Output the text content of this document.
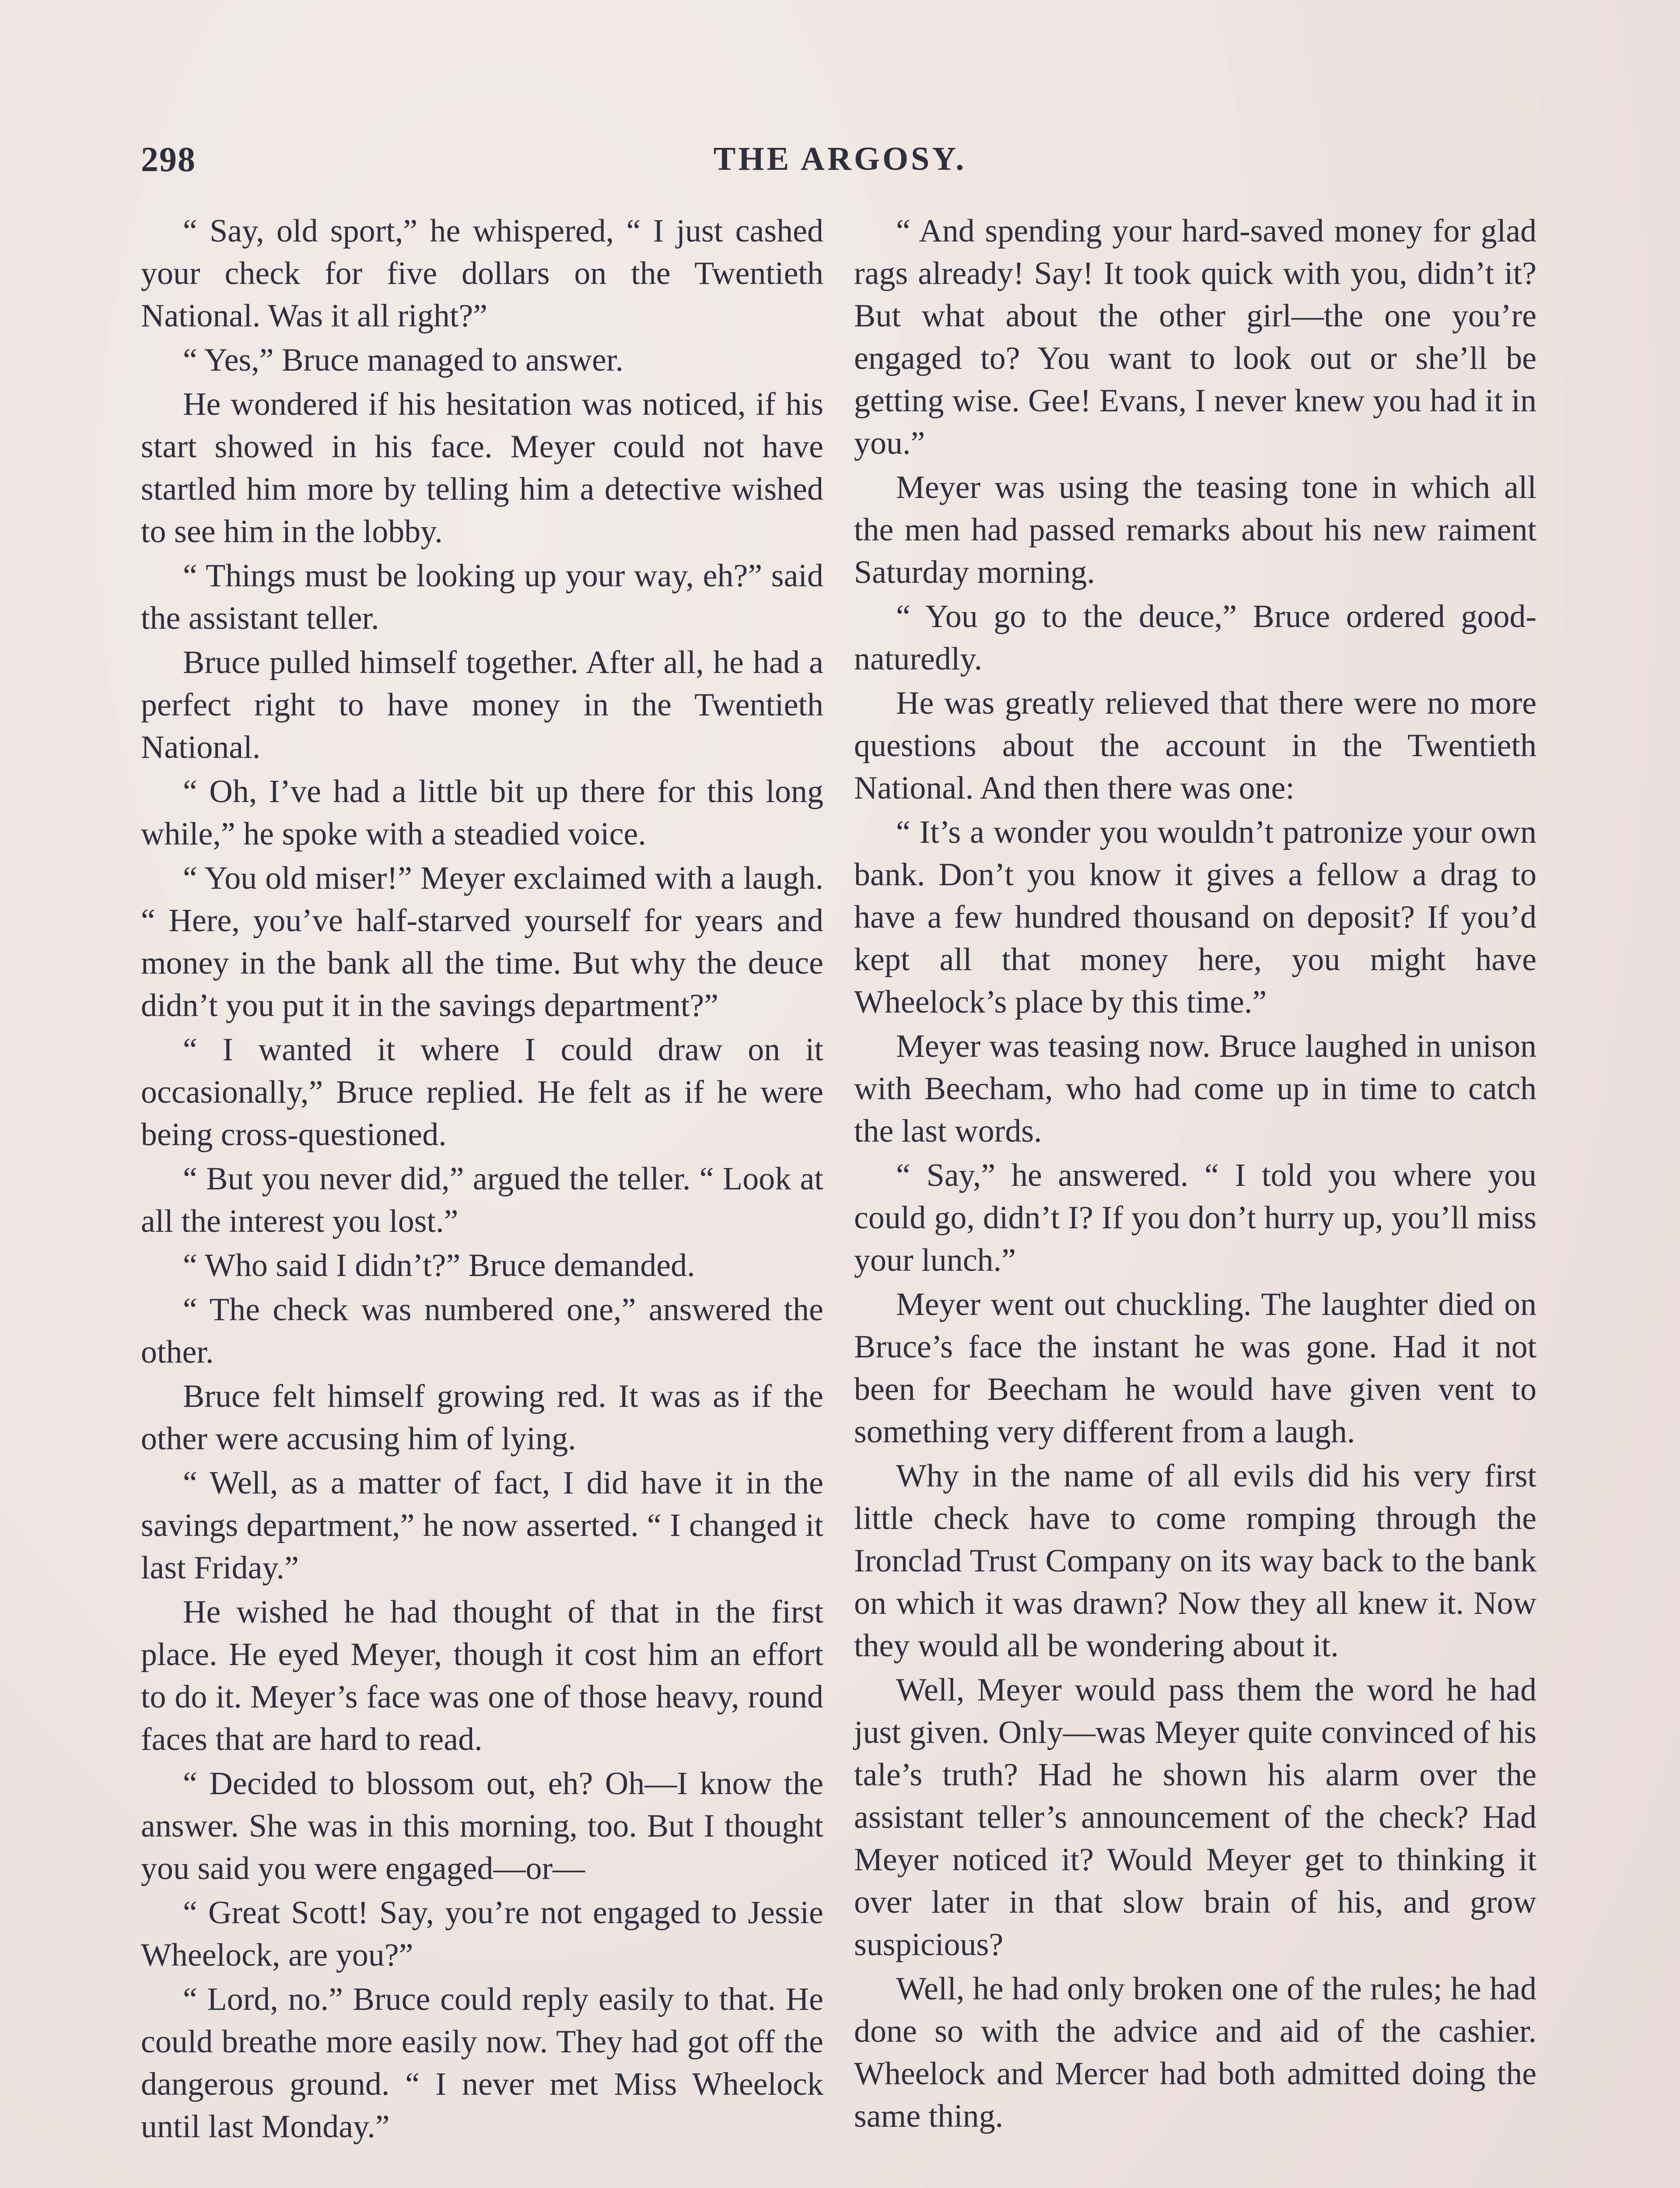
298	THE ARGOSY.

“ Say, old sport,” he whispered, “ I just cashed your check for five dollars on the Twentieth National. Was it all right?”

“ Yes,” Bruce managed to answer.

He wondered if his hesitation was noticed, if his start showed in his face. Meyer could not have startled him more by telling him a detective wished to see him in the lobby.

“ Things must be looking up your way, eh?” said the assistant teller.

Bruce pulled himself together. After all, he had a perfect right to have money in the Twentieth National.

“ Oh, I’ve had a little bit up there for this long while,” he spoke with a steadied voice.

“ You old miser!” Meyer exclaimed with a laugh. “ Here, you’ve half-starved yourself for years and money in the bank all the time. But why the deuce didn’t you put it in the savings department?”

“ I wanted it where I could draw on it occasionally,” Bruce replied. He felt as if he were being cross-questioned.

“ But you never did,” argued the teller. “ Look at all the interest you lost.”

“ Who said I didn’t?” Bruce demanded.

“ The check was numbered one,” answered the other.

Bruce felt himself growing red. It was as if the other were accusing him of lying.

“ Well, as a matter of fact, I did have it in the savings department,” he now asserted. “ I changed it last Friday.”

He wished he had thought of that in the first place. He eyed Meyer, though it cost him an effort to do it. Meyer’s face was one of those heavy, round faces that are hard to read.

“ Decided to blossom out, eh? Oh—I know the answer. She was in this morning, too. But I thought you said you were engaged—or—

“ Great Scott! Say, you’re not engaged to Jessie Wheelock, are you?”

“ Lord, no.” Bruce could reply easily to that. He could breathe more easily now. They had got off the dangerous ground. “ I never met Miss Wheelock until last Monday.”

“ And spending your hard-saved money for glad rags already! Say! It took quick with you, didn’t it? But what about the other girl—the one you’re engaged to? You want to look out or she’ll be getting wise. Gee! Evans, I never knew you had it in you.”

Meyer was using the teasing tone in which all the men had passed remarks about his new raiment Saturday morning.

“ You go to the deuce,” Bruce ordered good-naturedly.

He was greatly relieved that there were no more questions about the account in the Twentieth National. And then there was one:

“ It’s a wonder you wouldn’t patronize your own bank. Don’t you know it gives a fellow a drag to have a few hundred thousand on deposit? If you’d kept all that money here, you might have Wheelock’s place by this time.”

Meyer was teasing now. Bruce laughed in unison with Beecham, who had come up in time to catch the last words.

“ Say,” he answered. “ I told you where you could go, didn’t I? If you don’t hurry up, you’ll miss your lunch.”

Meyer went out chuckling. The laughter died on Bruce’s face the instant he was gone. Had it not been for Beecham he would have given vent to something very different from a laugh.

Why in the name of all evils did his very first little check have to come romping through the Ironclad Trust Company on its way back to the bank on which it was drawn? Now they all knew it. Now they would all be wondering about it.

Well, Meyer would pass them the word he had just given. Only—was Meyer quite convinced of his tale’s truth? Had he shown his alarm over the assistant teller’s announcement of the check? Had Meyer noticed it? Would Meyer get to thinking it over later in that slow brain of his, and grow suspicious?

Well, he had only broken one of the rules; he had done so with the advice and aid of the cashier. Wheelock and Mercer had both admitted doing the same thing.
